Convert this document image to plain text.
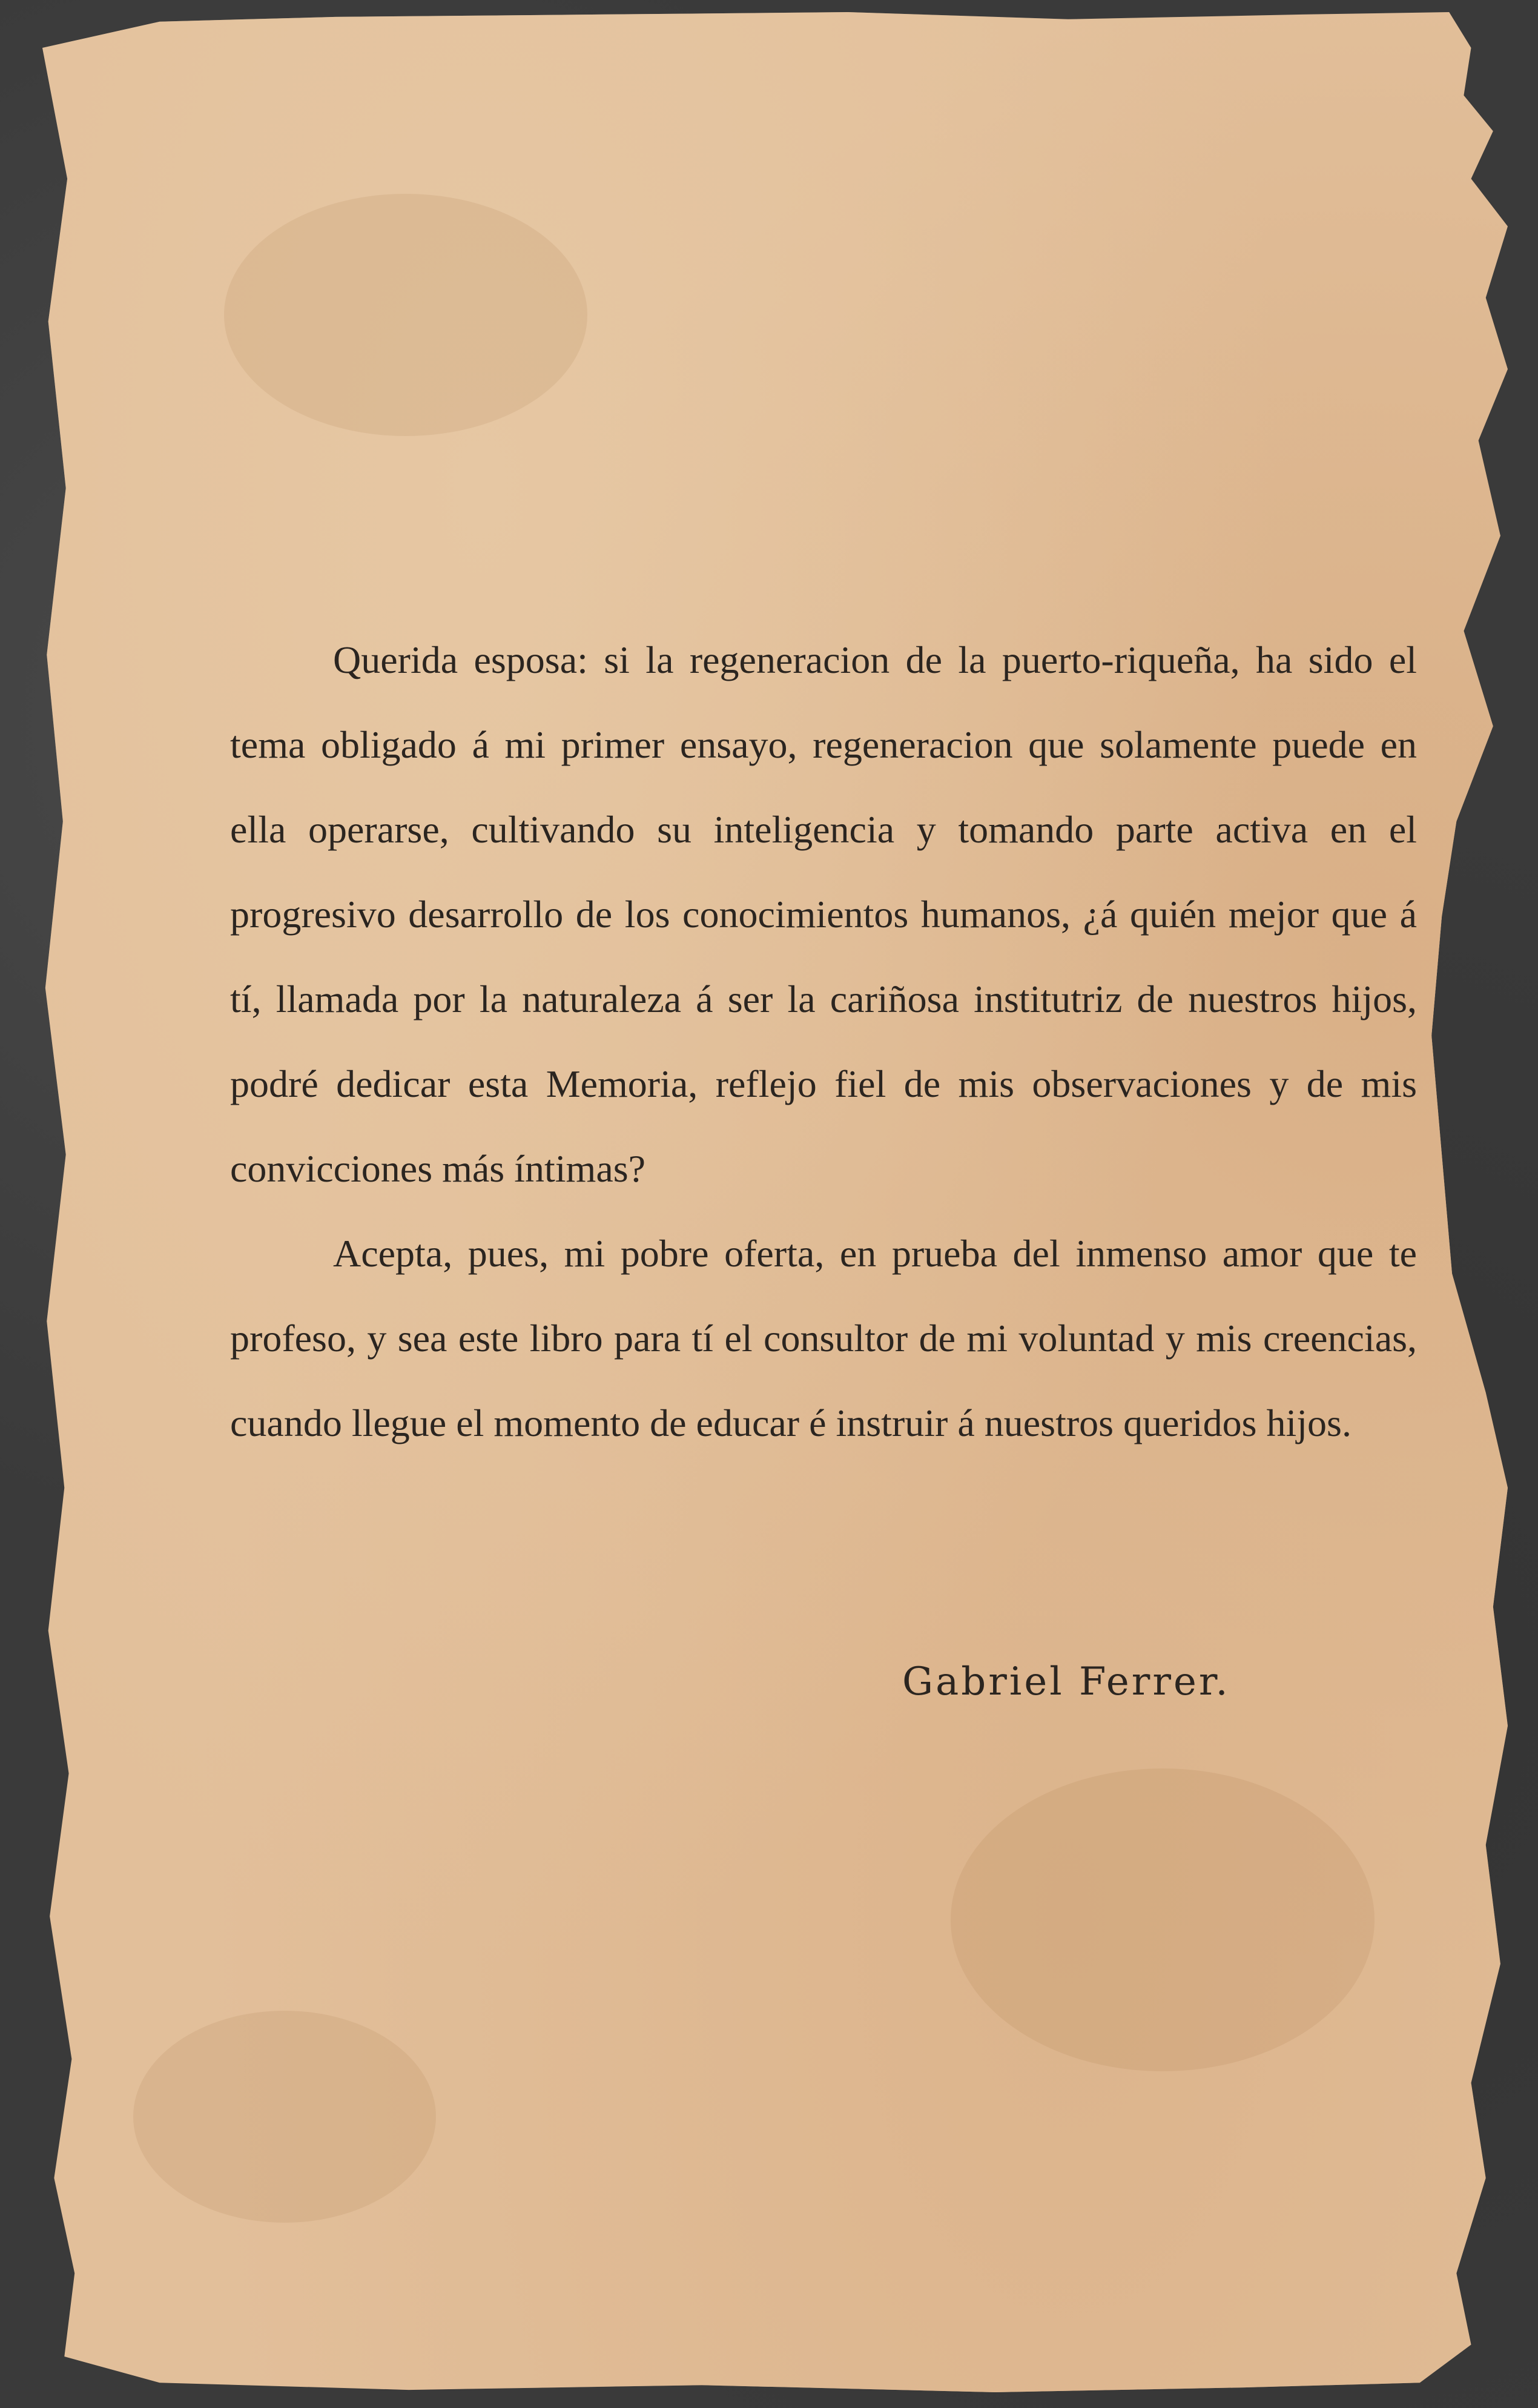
Querida esposa: si la regeneracion de la puerto-riqueña, ha sido el tema obligado á mi primer ensayo, regeneracion que solamente puede en ella operarse, cultivando su inteligencia y tomando parte activa en el progresivo desarrollo de los conocimientos humanos, ¿á quién mejor que á tí, llamada por la naturaleza á ser la cariñosa institutriz de nuestros hijos, podré dedicar esta Memoria, reflejo fiel de mis observaciones y de mis convicciones más íntimas?

Acepta, pues, mi pobre oferta, en prueba del inmenso amor que te profeso, y sea este libro para tí el consultor de mi voluntad y mis creencias, cuando llegue el momento de educar é instruir á nuestros queridos hijos.

Gabriel Ferrer.
